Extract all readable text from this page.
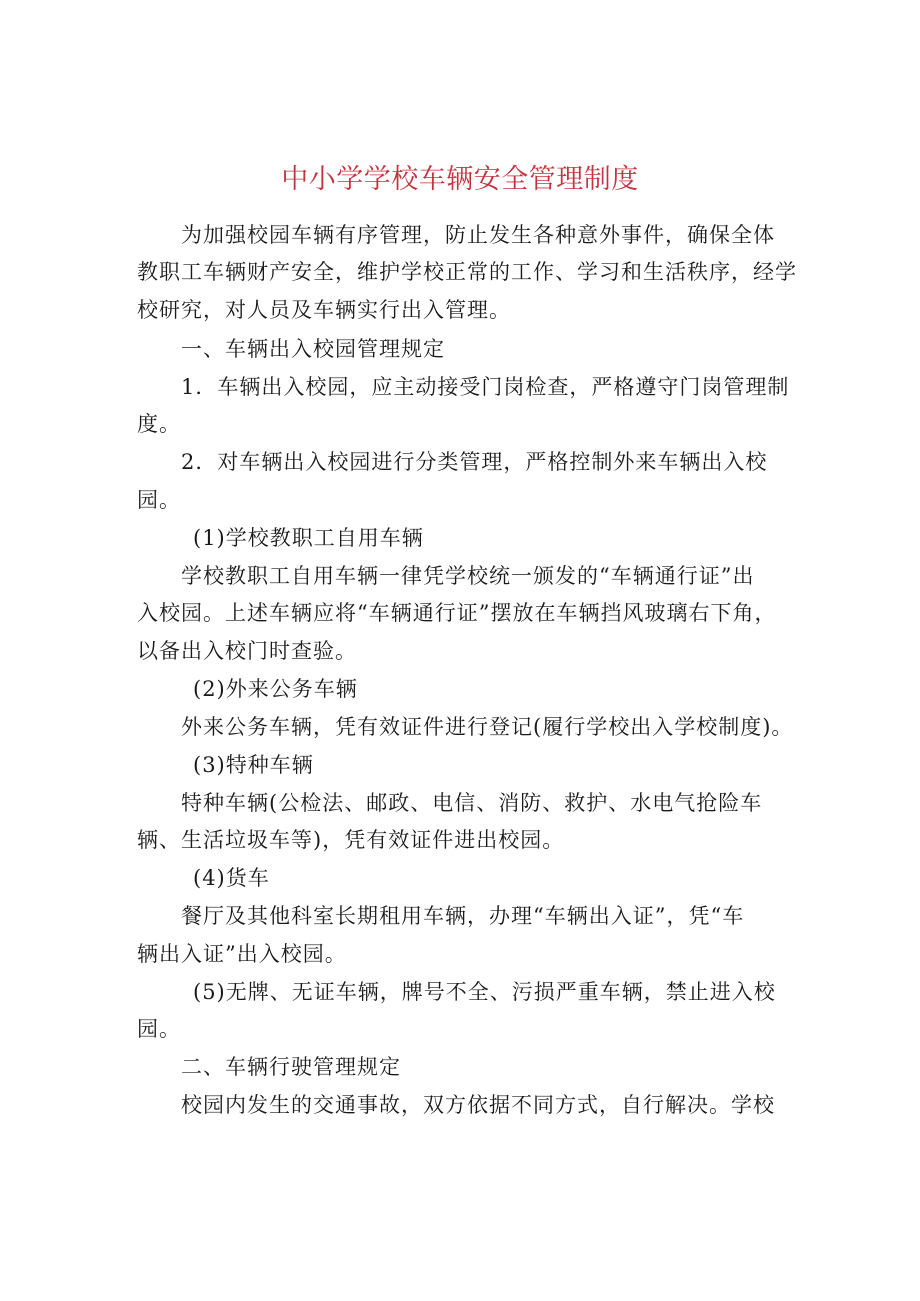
中小学学校车辆安全管理制度
为加强校园车辆有序管理，防止发生各种意外事件，确保全体
教职工车辆财产安全，维护学校正常的工作、学习和生活秩序，经学
校研究，对人员及车辆实行出入管理。
一、车辆出入校园管理规定
1．车辆出入校园，应主动接受门岗检查，严格遵守门岗管理制
度。
2．对车辆出入校园进行分类管理，严格控制外来车辆出入校
园。
(1)学校教职工自用车辆
学校教职工自用车辆一律凭学校统一颁发的“车辆通行证”出
入校园。上述车辆应将“车辆通行证”摆放在车辆挡风玻璃右下角，
以备出入校门时查验。
(2)外来公务车辆
外来公务车辆，凭有效证件进行登记(履行学校出入学校制度)。
(3)特种车辆
特种车辆(公检法、邮政、电信、消防、救护、水电气抢险车
辆、生活垃圾车等)，凭有效证件进出校园。
(4)货车
餐厅及其他科室长期租用车辆，办理“车辆出入证”，凭“车
辆出入证”出入校园。
(5)无牌、无证车辆，牌号不全、污损严重车辆，禁止进入校
园。
二、车辆行驶管理规定
校园内发生的交通事故，双方依据不同方式，自行解决。学校
